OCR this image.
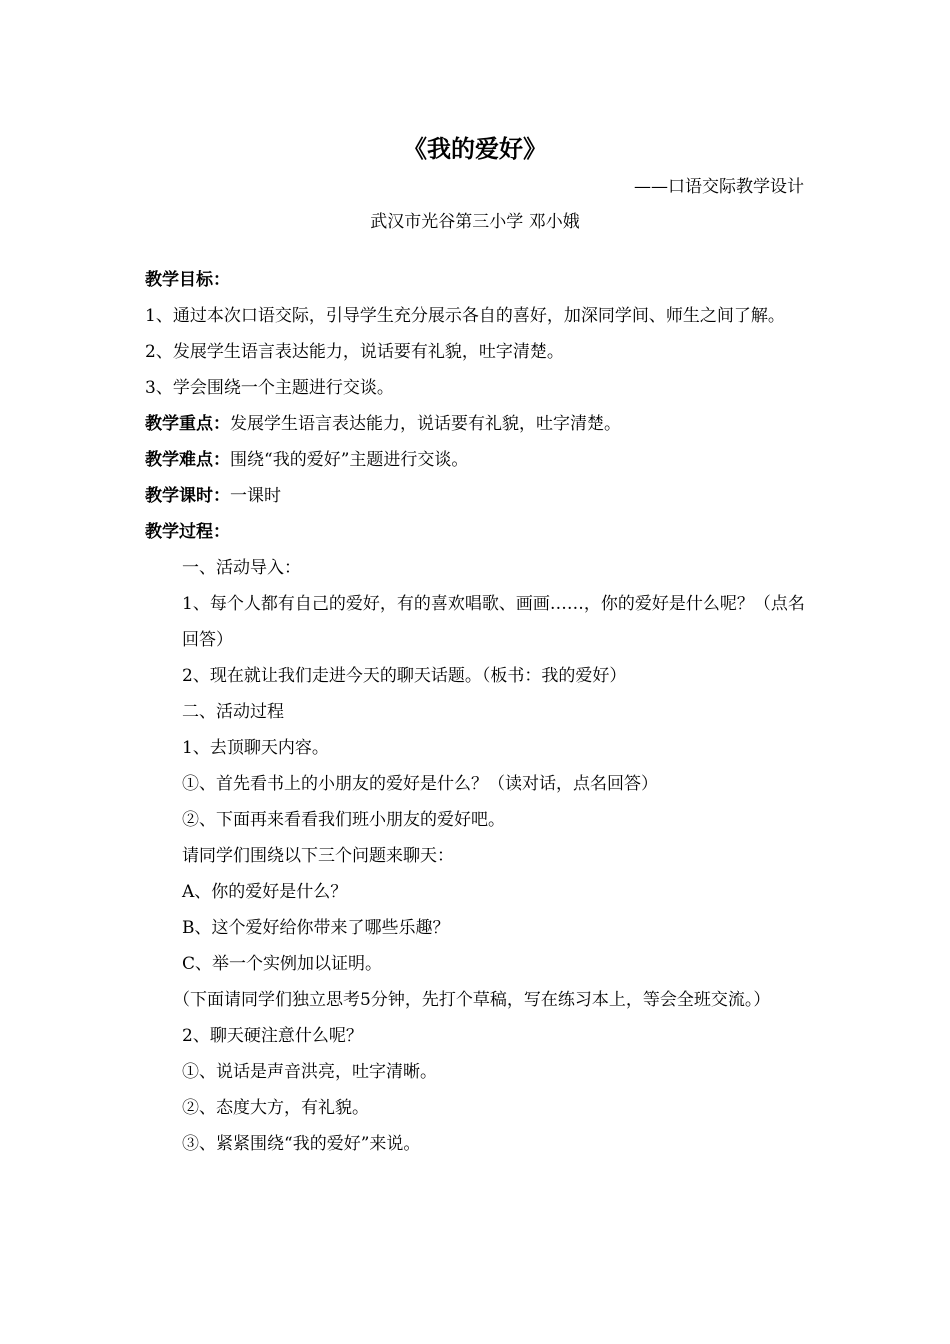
《我的爱好》
——口语交际教学设计
武汉市光谷第三小学 邓小娥

教学目标：

1、通过本次口语交际，引导学生充分展示各自的喜好，加深同学间、师生之间了解。

2、发展学生语言表达能力，说话要有礼貌，吐字清楚。

3、学会围绕一个主题进行交谈。

教学重点：发展学生语言表达能力，说话要有礼貌，吐字清楚。

教学难点：围绕“我的爱好”主题进行交谈。

教学课时：一课时

教学过程：

一、活动导入：

1、每个人都有自己的爱好，有的喜欢唱歌、画画……，你的爱好是什么呢？（点名回答）

2、现在就让我们走进今天的聊天话题。（板书：我的爱好）

二、活动过程

1、去顶聊天内容。

①、首先看书上的小朋友的爱好是什么？（读对话，点名回答）

②、下面再来看看我们班小朋友的爱好吧。

请同学们围绕以下三个问题来聊天：

A、你的爱好是什么？

B、这个爱好给你带来了哪些乐趣？

C、举一个实例加以证明。

（下面请同学们独立思考5分钟，先打个草稿，写在练习本上，等会全班交流。）

2、聊天硬注意什么呢？

①、说话是声音洪亮，吐字清晰。

②、态度大方，有礼貌。

③、紧紧围绕“我的爱好”来说。
